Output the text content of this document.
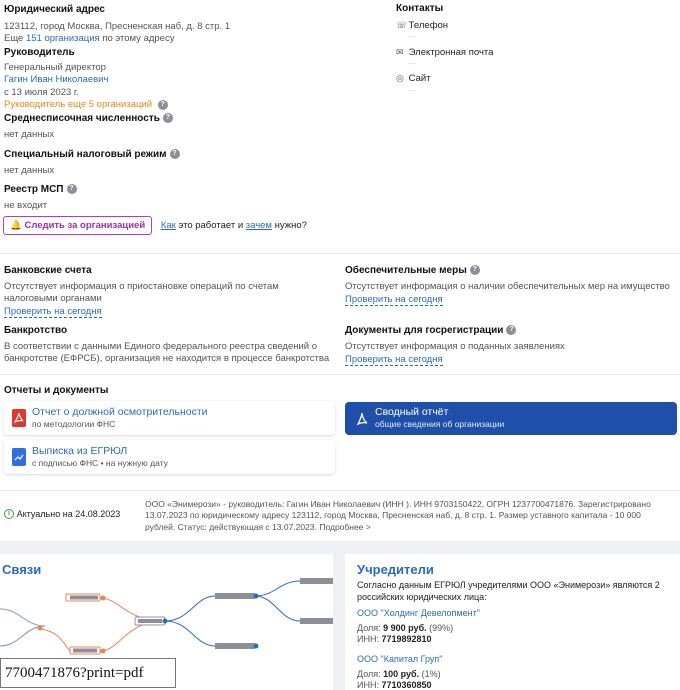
Юридический адрес
123112, город Москва, Пресненская наб, д. 8 стр. 1
Еще 151 организация по этому адресу
Контакты
☏ Телефон
—
✉ Электронная почта
—
◎ Сайт
—
Руководитель
Генеральный директор
Гагин Иван Николаевич
с 13 июля 2023 г.
Руководитель еще 5 организаций ?
Среднесписочная численность ?
нет данных
Специальный налоговый режим ?
нет данных
Реестр МСП ?
не входит
🔔 Следить за организацией Как это работает и зачем нужно?
Банковские счета
Отсутствует информация о приостановке операций по счетам налоговыми органами
Проверить на сегодня
Обеспечительные меры ?
Отсутствует информация о наличии обеспечительных мер на имущество
Проверить на сегодня
Банкротство
В соответствии с данными Единого федерального реестра сведений о банкротстве (ЕФРСБ), организация не находится в процессе банкротства
Документы для госрегистрации ?
Отсутствует информация о поданных заявлениях
Проверить на сегодня
Отчеты и документы
Отчет о должной осмотрительности
по методологии ФНС
Сводный отчёт
общие сведения об организации
Выписка из ЕГРЮЛ
с подписью ФНС • на нужную дату
i Актуально на 24.08.2023
ООО «Энимерози» - руководитель: Гагин Иван Николаевич (ИНН ). ИНН 9703150422, ОГРН 1237700471876. Зарегистрировано 13.07.2023 по юридическому адресу 123112, город Москва, Пресненская наб, д. 8 стр. 1. Размер уставного капитала - 10 000 рублей. Статус: действующая с 13.07.2023. Подробнее >
Связи	Учредители
Согласно данным ЕГРЮЛ учредителями ООО «Энимерози» являются 2 российских юридических лица:
ООО "Холдинг Девелопмент"
Доля: 9 900 руб. (99%)
ИНН: 7719892810
ООО "Капитал Груп"
Доля: 100 руб. (1%)
ИНН: 7710360850
7700471876?print=pdf
